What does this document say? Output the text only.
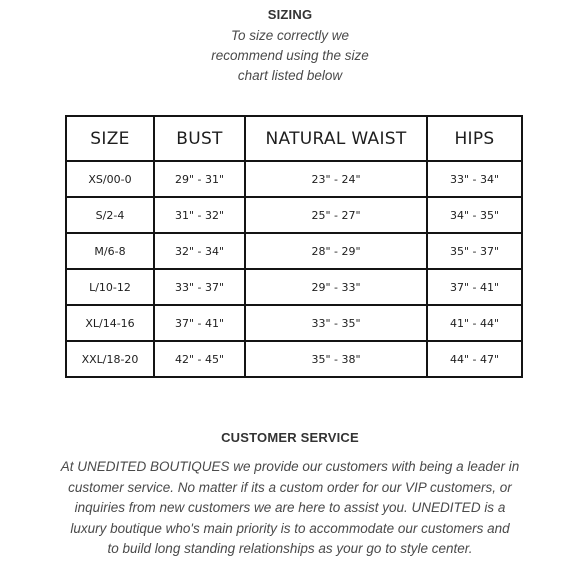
SIZING
To size correctly we
recommend using the size
chart listed below
SIZE	BUST	NATURAL WAIST	HIPS
XS/00-0	29" - 31"	23" - 24"	33" - 34"
S/2-4	31" - 32"	25" - 27"	34" - 35"
M/6-8	32" - 34"	28" - 29"	35" - 37"
L/10-12	33" - 37"	29" - 33"	37" - 41"
XL/14-16	37" - 41"	33" - 35"	41" - 44"
XXL/18-20	42" - 45"	35" - 38"	44" - 47"
CUSTOMER SERVICE
At UNEDITED BOUTIQUES we provide our customers with being a leader in
customer service. No matter if its a custom order for our VIP customers, or
inquiries from new customers we are here to assist you. UNEDITED is a
luxury boutique who's main priority is to accommodate our customers and
to build long standing relationships as your go to style center.
